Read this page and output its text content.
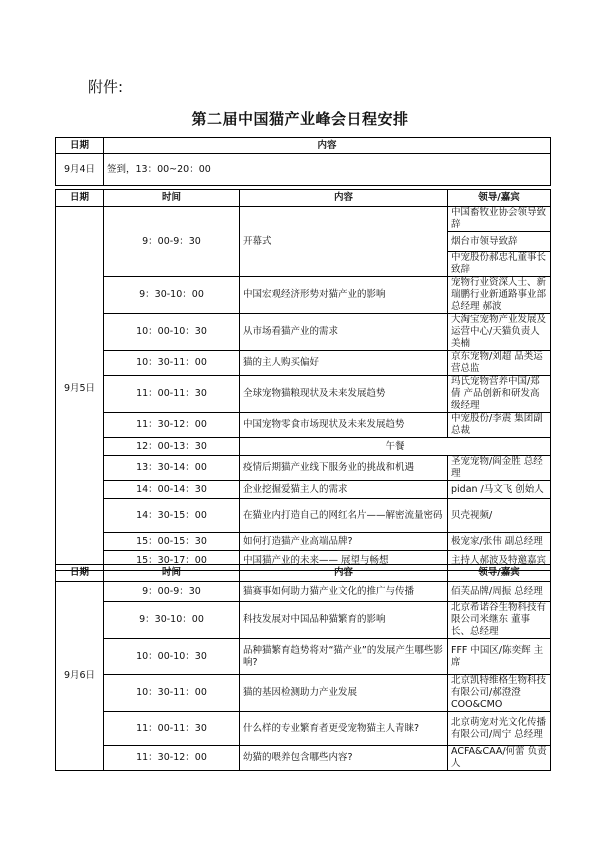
附件:
第二届中国猫产业峰会日程安排
日期	内容
9月4日	签到，13：00~20：00
日期	时间	内容	领导/嘉宾
9月5日	9：00-9：30	开幕式	中国畜牧业协会领导致辞
			烟台市领导致辞
			中宠股份郝忠礼董事长致辞
	9：30-10：00	中国宏观经济形势对猫产业的影响	宠物行业资深人士、新瑞鹏行业新通路事业部总经理 郝波
	10：00-10：30	从市场看猫产业的需求	大淘宝宠物产业发展及运营中心/天猫负责人美楠
	10：30-11：00	猫的主人购买偏好	京东宠物/刘超 品类运营总监
	11：00-11：30	全球宠物猫粮现状及未来发展趋势	玛氏宠物营养中国/郑倩 产品创新和研发高级经理
	11：30-12：00	中国宠物零食市场现状及未来发展趋势	中宠股份/李震 集团副总裁
	12：00-13：30	午餐	
	13：30-14：00	疫情后期猫产业线下服务业的挑战和机遇	圣宠宠物/阎金胜 总经理
	14：00-14：30	企业挖掘爱猫主人的需求	pidan /马文飞 创始人
	14：30-15：00	在猫业内打造自己的网红名片——解密流量密码	贝壳视频/
	15：00-15：30	如何打造猫产业高端品牌?	极宠家/张伟 副总经理
	15：30-17：00	中国猫产业的未来—— 展望与畅想	主持人郝波及特邀嘉宾
日期	时间	内容	领导/嘉宾
9月6日	9：00-9：30	猫赛事如何助力猫产业文化的推广与传播	佰芙品牌/周振 总经理
	9：30-10：00	科技发展对中国品种猫繁育的影响	北京希诺谷生物科技有限公司米继东 董事长、总经理
	10：00-10：30	品种猫繁育趋势将对“猫产业”的发展产生哪些影响?	FFF 中国区/陈奕辉 主席
	10：30-11：00	猫的基因检测助力产业发展	北京凯特维格生物科技有限公司/郝澄澄 COO&CMO
	11：00-11：30	什么样的专业繁育者更受宠物猫主人青睐?	北京萌宠对光文化传播有限公司/周宁 总经理
	11：30-12：00	幼猫的喂养包含哪些内容?	ACFA&CAA/何蕾 负责人
